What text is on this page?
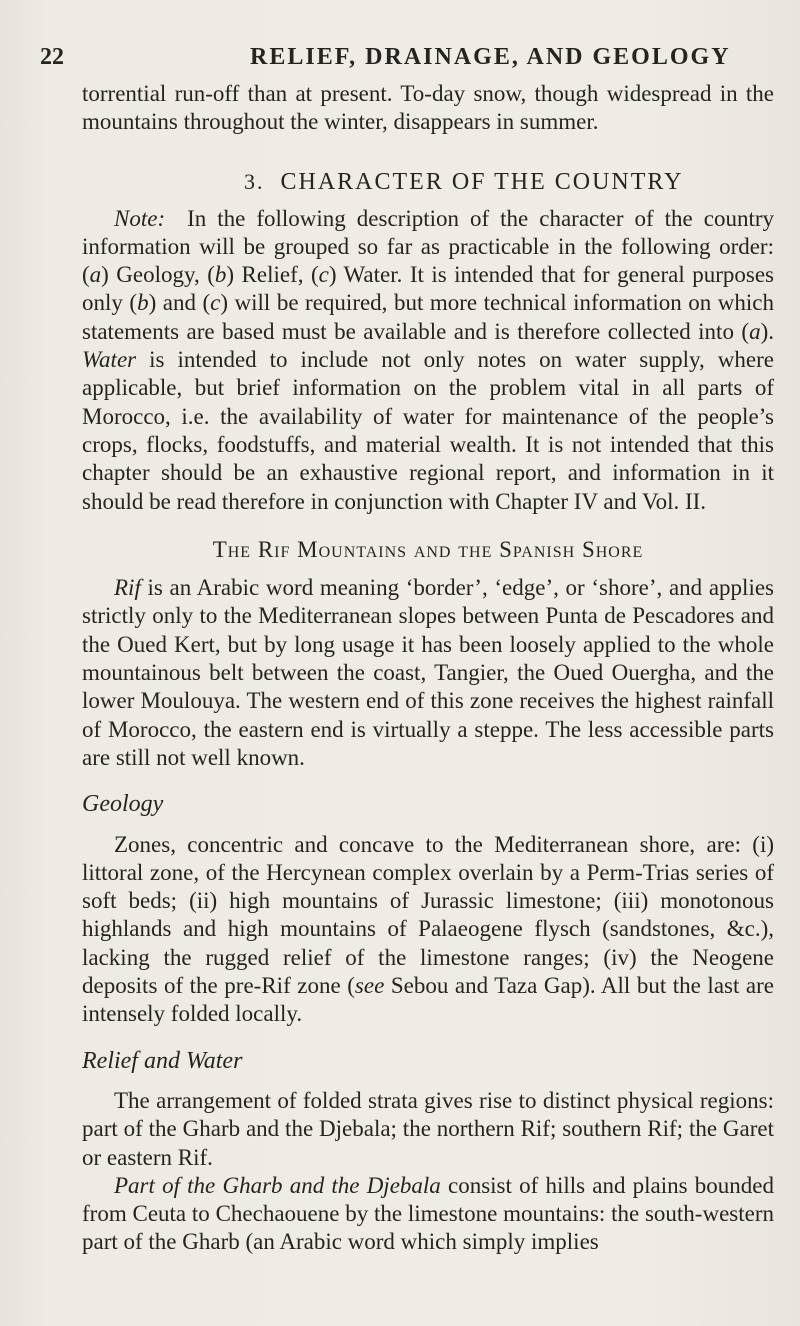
22	RELIEF, DRAINAGE, AND GEOLOGY

torrential run-off than at present. To-day snow, though widespread in the mountains throughout the winter, disappears in summer.

3. CHARACTER OF THE COUNTRY

Note: In the following description of the character of the country information will be grouped so far as practicable in the following order: (a) Geology, (b) Relief, (c) Water. It is intended that for general purposes only (b) and (c) will be required, but more technical information on which statements are based must be available and is therefore collected into (a). Water is intended to include not only notes on water supply, where applicable, but brief information on the problem vital in all parts of Morocco, i.e. the availability of water for maintenance of the people’s crops, flocks, foodstuffs, and material wealth. It is not intended that this chapter should be an exhaustive regional report, and information in it should be read therefore in conjunction with Chapter IV and Vol. II.

The Rif Mountains and the Spanish Shore

Rif is an Arabic word meaning ‘border’, ‘edge’, or ‘shore’, and applies strictly only to the Mediterranean slopes between Punta de Pescadores and the Oued Kert, but by long usage it has been loosely applied to the whole mountainous belt between the coast, Tangier, the Oued Ouergha, and the lower Moulouya. The western end of this zone receives the highest rainfall of Morocco, the eastern end is virtually a steppe. The less accessible parts are still not well known.

Geology

Zones, concentric and concave to the Mediterranean shore, are: (i) littoral zone, of the Hercynean complex overlain by a Perm-Trias series of soft beds; (ii) high mountains of Jurassic limestone; (iii) monotonous highlands and high mountains of Palaeogene flysch (sandstones, &c.), lacking the rugged relief of the limestone ranges; (iv) the Neogene deposits of the pre-Rif zone (see Sebou and Taza Gap). All but the last are intensely folded locally.

Relief and Water

The arrangement of folded strata gives rise to distinct physical regions: part of the Gharb and the Djebala; the northern Rif; southern Rif; the Garet or eastern Rif.

Part of the Gharb and the Djebala consist of hills and plains bounded from Ceuta to Chechaouene by the limestone mountains: the south-western part of the Gharb (an Arabic word which simply implies
